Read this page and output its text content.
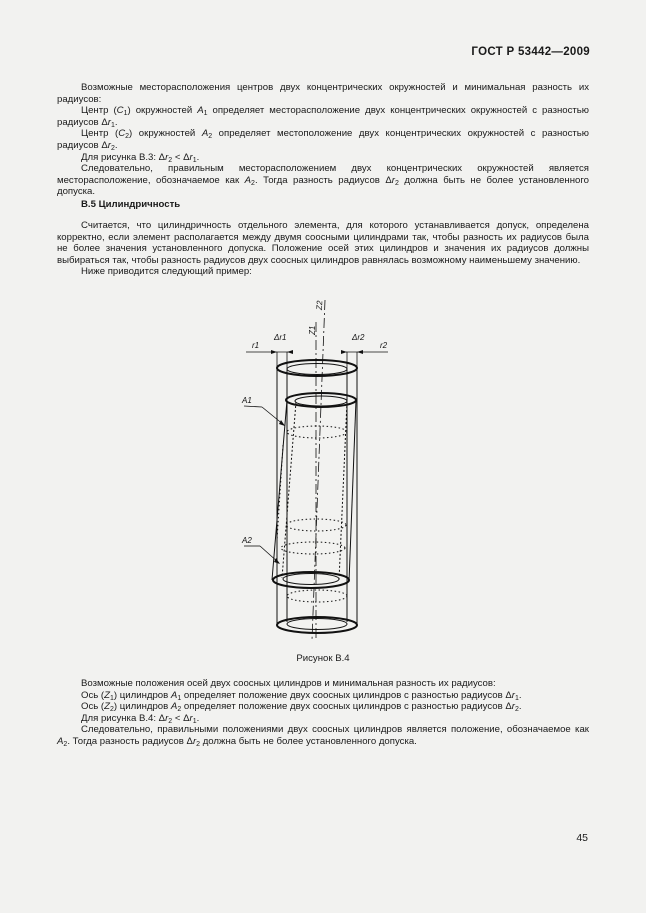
ГОСТ Р 53442—2009

Возможные месторасположения центров двух концентрических окружностей и минимальная разность их радиусов:

Центр $(C_1)$ окружностей $A_1$ определяет месторасположение двух концентрических окружностей с разностью радиусов $\Delta r_1$.

Центр $(C_2)$ окружностей $A_2$ определяет местоположение двух концентрических окружностей с разностью радиусов $\Delta r_2$.

Для рисунка В.3: $\Delta r_2 < \Delta r_1$.

Следовательно, правильным месторасположением двух концентрических окружностей является месторасположение, обозначаемое как $A_2$. Тогда разность радиусов $\Delta r_2$ должна быть не более установленного допуска.

В.5 Цилиндричность

Считается, что цилиндричность отдельного элемента, для которого устанавливается допуск, определена корректно, если элемент располагается между двумя соосными цилиндрами так, чтобы разность их радиусов была не более значения установленного допуска. Положение осей этих цилиндров и значения их радиусов должны выбираться так, чтобы разность радиусов двух соосных цилиндров равнялась возможному наименьшему значению.

Ниже приводится следующий пример:

Z2
Z1
r1
Δr1	Δr2
r2
A1
A2
Рисунок В.4

Возможные положения осей двух соосных цилиндров и минимальная разность их радиусов:

Ось $(Z_1)$ цилиндров $A_1$ определяет положение двух соосных цилиндров с разностью радиусов $\Delta r_1$.

Ось $(Z_2)$ цилиндров $A_2$ определяет положение двух соосных цилиндров с разностью радиусов $\Delta r_2$.

Для рисунка В.4: $\Delta r_2 < \Delta r_1$.

Следовательно, правильными положениями двух соосных цилиндров является положение, обозначаемое как $A_2$. Тогда разность радиусов $\Delta r_2$ должна быть не более установленного допуска.

45
